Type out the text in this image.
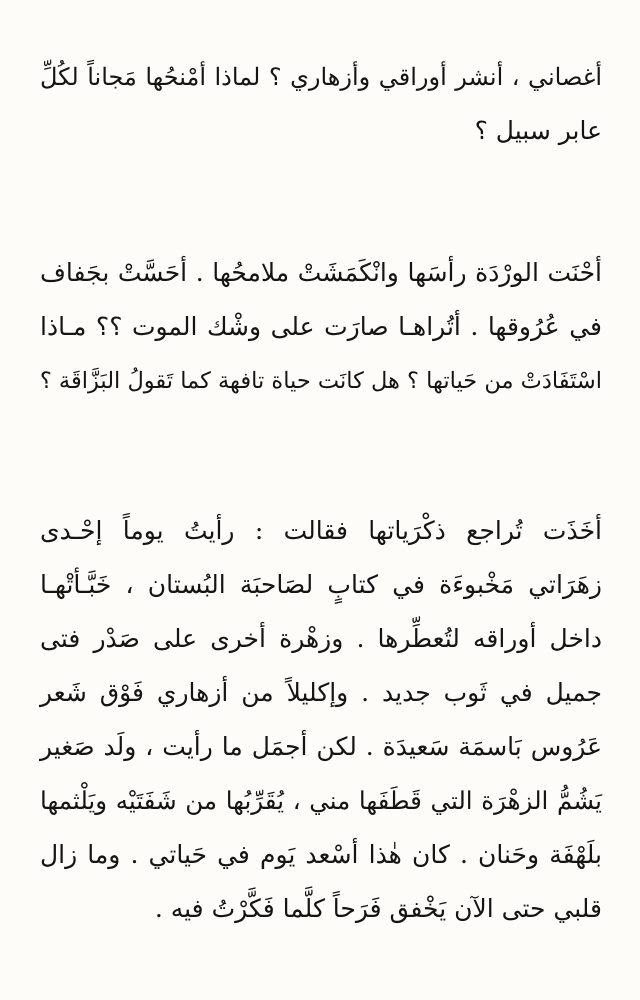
أغصاني ، أنشر أوراقي وأزهاري ؟ لماذا أمْنحُها مَجاناً لكُلِّ
عابر سبيل ؟

أحْنَت الورْدَة رأسَها وانْكَمَشَتْ ملامحُها . أحَسَّتْ بجَفاف
في عُرُوقها . أتُراهـا صارَت على وشْك الموت ؟؟ مـاذا
اسْتَفَادَتْ من حَياتها ؟ هل كانَت حياة تافهة كما تَقولُ البَزَّاقَة ؟

أخَذَت تُراجع ذكْرَياتها فقالت : رأيتُ يوماً إحْـدى
زهَرَاتي مَخْبوءَة في كتابٍ لصَاحبَة البُستان ، خَبَّـأتْهـا
داخل أوراقه لتُعطِّرها . وزهْرة أخرى على صَدْر فتى
جميل في ثَوب جديد . وإكليلاً من أزهاري فَوْق شَعر
عَرُوس بَاسمَة سَعيدَة . لكن أجمَل ما رأيت ، ولَد صَغير
يَشُمُّ الزهْرَة التي قَطَفَها مني ، يُقَرِّبُها من شَفَتَيْه ويَلْثمها
بلَهْفَة وحَنان . كان هٰذا أسْعد يَوم في حَياتي . وما زال
قلبي حتى الآن يَخْفق فَرَحاً كلَّما فَكَّرْتُ فيه .
